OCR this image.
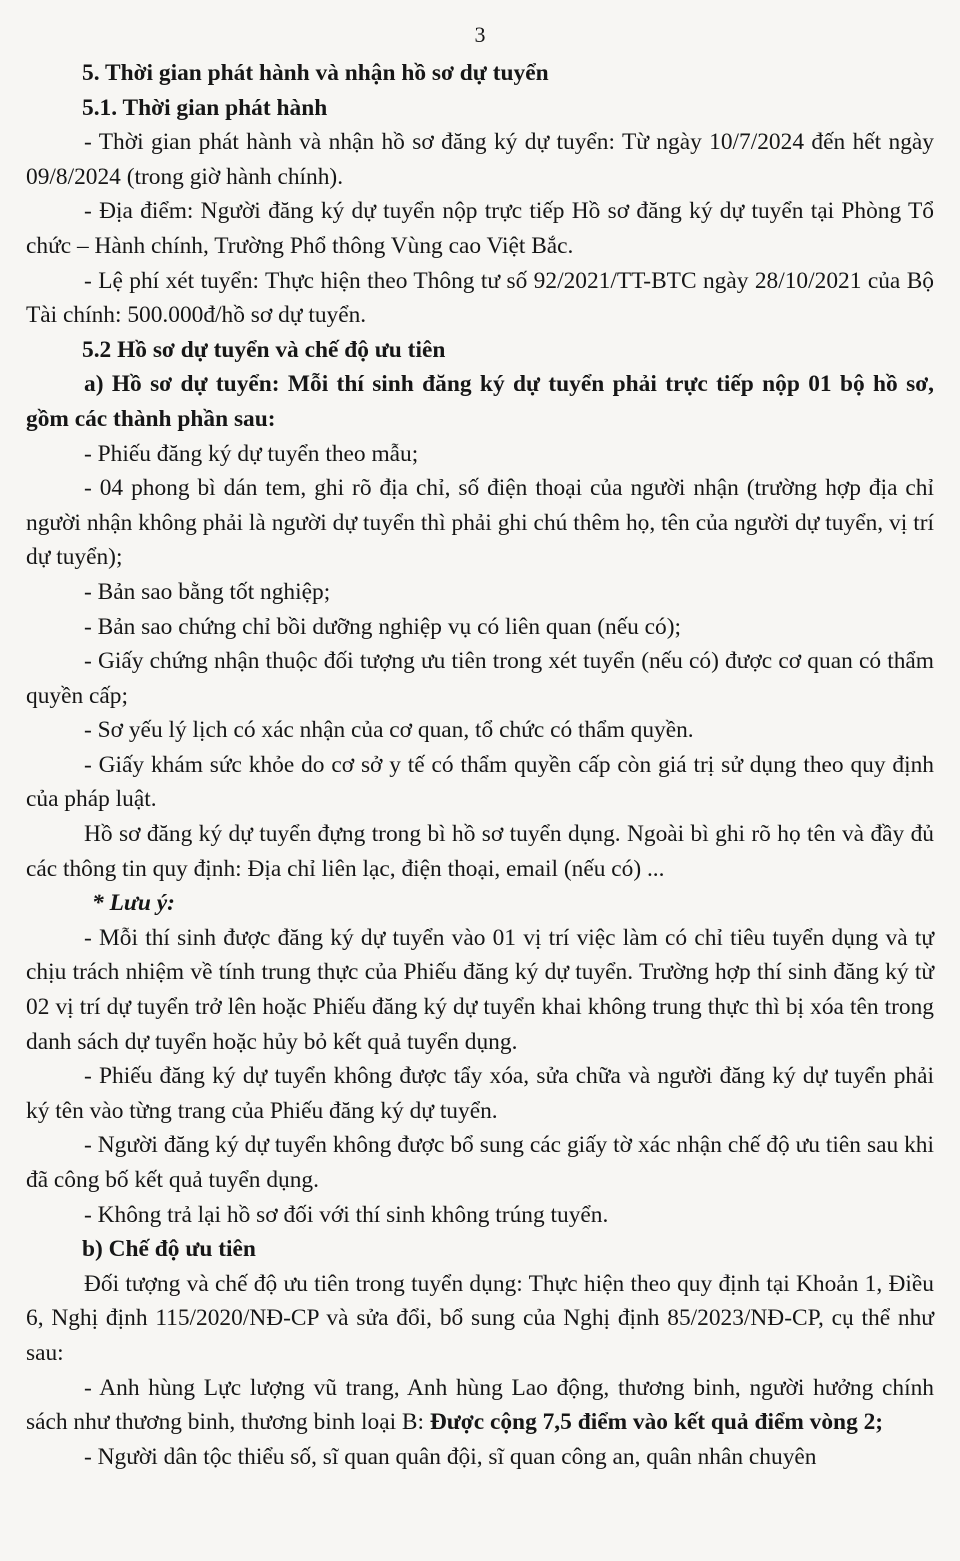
3
5. Thời gian phát hành và nhận hồ sơ dự tuyển
5.1. Thời gian phát hành
- Thời gian phát hành và nhận hồ sơ đăng ký dự tuyển: Từ ngày 10/7/2024 đến hết ngày 09/8/2024 (trong giờ hành chính).
- Địa điểm: Người đăng ký dự tuyển nộp trực tiếp Hồ sơ đăng ký dự tuyển tại Phòng Tổ chức – Hành chính, Trường Phổ thông Vùng cao Việt Bắc.
- Lệ phí xét tuyển: Thực hiện theo Thông tư số 92/2021/TT-BTC ngày 28/10/2021 của Bộ Tài chính: 500.000đ/hồ sơ dự tuyển.
5.2 Hồ sơ dự tuyển và chế độ ưu tiên
a) Hồ sơ dự tuyển: Mỗi thí sinh đăng ký dự tuyển phải trực tiếp nộp 01 bộ hồ sơ, gồm các thành phần sau:
- Phiếu đăng ký dự tuyển theo mẫu;
- 04 phong bì dán tem, ghi rõ địa chỉ, số điện thoại của người nhận (trường hợp địa chỉ người nhận không phải là người dự tuyển thì phải ghi chú thêm họ, tên của người dự tuyển, vị trí dự tuyển);
- Bản sao bằng tốt nghiệp;
- Bản sao chứng chỉ bồi dưỡng nghiệp vụ có liên quan (nếu có);
- Giấy chứng nhận thuộc đối tượng ưu tiên trong xét tuyển (nếu có) được cơ quan có thẩm quyền cấp;
- Sơ yếu lý lịch có xác nhận của cơ quan, tổ chức có thẩm quyền.
- Giấy khám sức khỏe do cơ sở y tế có thẩm quyền cấp còn giá trị sử dụng theo quy định của pháp luật.
Hồ sơ đăng ký dự tuyển đựng trong bì hồ sơ tuyển dụng. Ngoài bì ghi rõ họ tên và đầy đủ các thông tin quy định: Địa chỉ liên lạc, điện thoại, email (nếu có) ...
* Lưu ý:
- Mỗi thí sinh được đăng ký dự tuyển vào 01 vị trí việc làm có chỉ tiêu tuyển dụng và tự chịu trách nhiệm về tính trung thực của Phiếu đăng ký dự tuyển. Trường hợp thí sinh đăng ký từ 02 vị trí dự tuyển trở lên hoặc Phiếu đăng ký dự tuyển khai không trung thực thì bị xóa tên trong danh sách dự tuyển hoặc hủy bỏ kết quả tuyển dụng.
- Phiếu đăng ký dự tuyển không được tẩy xóa, sửa chữa và người đăng ký dự tuyển phải ký tên vào từng trang của Phiếu đăng ký dự tuyển.
- Người đăng ký dự tuyển không được bổ sung các giấy tờ xác nhận chế độ ưu tiên sau khi đã công bố kết quả tuyển dụng.
- Không trả lại hồ sơ đối với thí sinh không trúng tuyển.
b) Chế độ ưu tiên
Đối tượng và chế độ ưu tiên trong tuyển dụng: Thực hiện theo quy định tại Khoản 1, Điều 6, Nghị định 115/2020/NĐ-CP và sửa đổi, bổ sung của Nghị định 85/2023/NĐ-CP, cụ thể như sau:
- Anh hùng Lực lượng vũ trang, Anh hùng Lao động, thương binh, người hưởng chính sách như thương binh, thương binh loại B: Được cộng 7,5 điểm vào kết quả điểm vòng 2;
- Người dân tộc thiểu số, sĩ quan quân đội, sĩ quan công an, quân nhân chuyên
